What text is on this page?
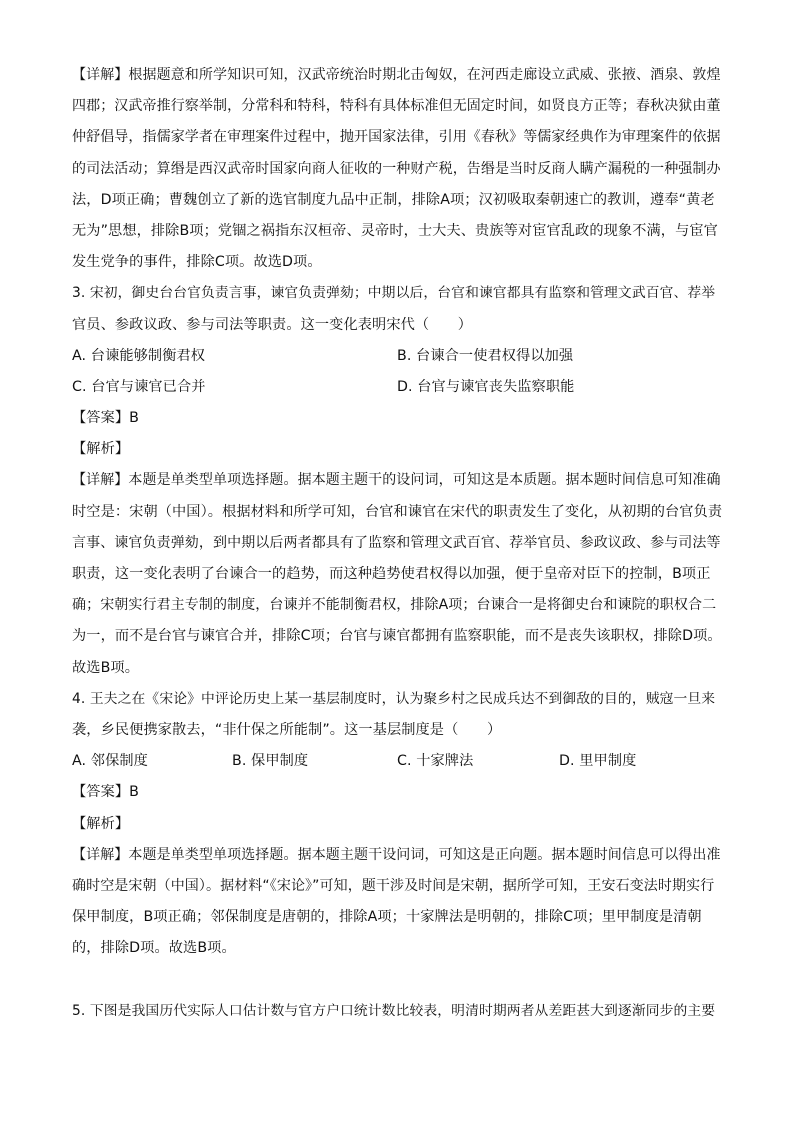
【详解】根据题意和所学知识可知，汉武帝统治时期北击匈奴，在河西走廊设立武威、张掖、酒泉、敦煌
四郡；汉武帝推行察举制，分常科和特科，特科有具体标准但无固定时间，如贤良方正等；春秋决狱由董
仲舒倡导，指儒家学者在审理案件过程中，抛开国家法律，引用《春秋》等儒家经典作为审理案件的依据
的司法活动；算缗是西汉武帝时国家向商人征收的一种财产税，告缗是当时反商人瞒产漏税的一种强制办
法，D项正确；曹魏创立了新的选官制度九品中正制，排除A项；汉初吸取秦朝速亡的教训，遵奉“黄老
无为”思想，排除B项；党锢之祸指东汉桓帝、灵帝时，士大夫、贵族等对宦官乱政的现象不满，与宦官
发生党争的事件，排除C项。故选D项。
3. 宋初，御史台台官负责言事，谏官负责弹劾；中期以后，台官和谏官都具有监察和管理文武百官、荐举
官员、参政议政、参与司法等职责。这一变化表明宋代（　　）
A. 台谏能够制衡君权	B. 台谏合一使君权得以加强
C. 台官与谏官已合并	D. 台官与谏官丧失监察职能
【答案】B
【解析】
【详解】本题是单类型单项选择题。据本题主题干的设问词，可知这是本质题。据本题时间信息可知准确
时空是：宋朝（中国）。根据材料和所学可知，台官和谏官在宋代的职责发生了变化，从初期的台官负责
言事、谏官负责弹劾，到中期以后两者都具有了监察和管理文武百官、荐举官员、参政议政、参与司法等
职责，这一变化表明了台谏合一的趋势，而这种趋势使君权得以加强，便于皇帝对臣下的控制，B项正
确；宋朝实行君主专制的制度，台谏并不能制衡君权，排除A项；台谏合一是将御史台和谏院的职权合二
为一，而不是台官与谏官合并，排除C项；台官与谏官都拥有监察职能，而不是丧失该职权，排除D项。
故选B项。
4. 王夫之在《宋论》中评论历史上某一基层制度时，认为聚乡村之民成兵达不到御敌的目的，贼寇一旦来
袭，乡民便携家散去，“非什保之所能制”。这一基层制度是（　　）
A. 邻保制度	B. 保甲制度	C. 十家牌法	D. 里甲制度
【答案】B
【解析】
【详解】本题是单类型单项选择题。据本题主题干设问词，可知这是正向题。据本题时间信息可以得出准
确时空是宋朝（中国）。据材料“《宋论》”可知，题干涉及时间是宋朝，据所学可知，王安石变法时期实行
保甲制度，B项正确；邻保制度是唐朝的，排除A项；十家牌法是明朝的，排除C项；里甲制度是清朝
的，排除D项。故选B项。
5. 下图是我国历代实际人口估计数与官方户口统计数比较表，明清时期两者从差距甚大到逐渐同步的主要
